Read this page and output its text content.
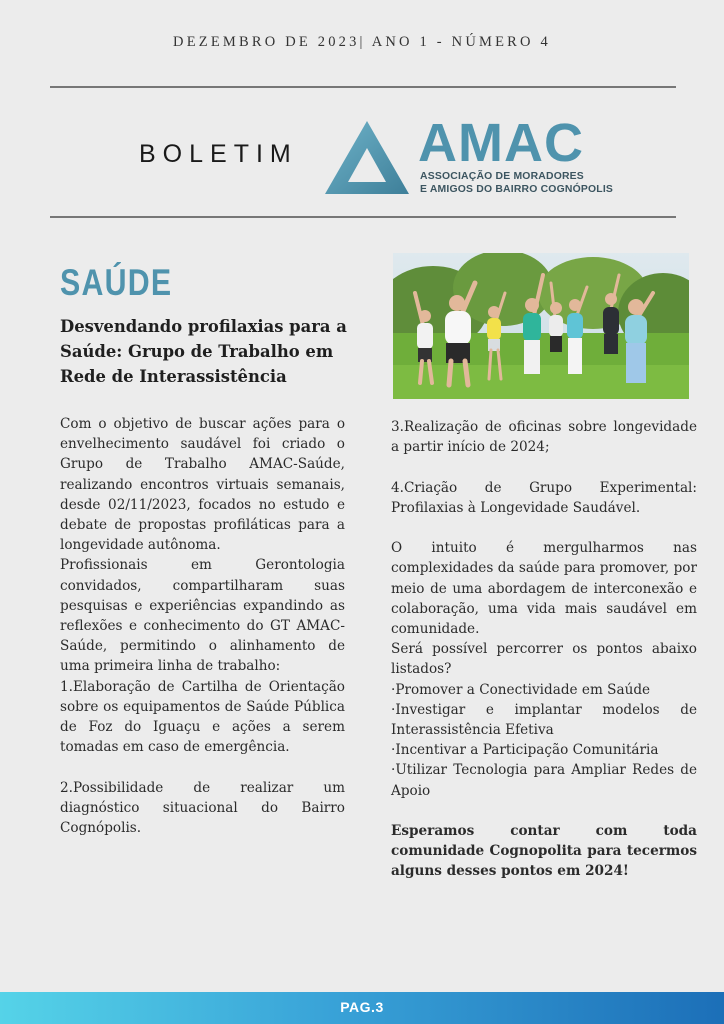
DEZEMBRO DE 2023| ANO 1 - NÚMERO 4
BOLETIM AMAC
ASSOCIAÇÃO DE MORADORES
E AMIGOS DO BAIRRO COGNÓPOLIS
SAÚDE
Desvendando profilaxias para a Saúde: Grupo de Trabalho em Rede de Interassistência

Com o objetivo de buscar ações para o envelhecimento saudável foi criado o Grupo de Trabalho AMAC-Saúde, realizando encontros virtuais semanais, desde 02/11/2023, focados no estudo e debate de propostas profiláticas para a longevidade autônoma.

Profissionais em Gerontologia convidados, compartilharam suas pesquisas e experiências expandindo as reflexões e conhecimento do GT AMAC-Saúde, permitindo o alinhamento de uma primeira linha de trabalho:

1.Elaboração de Cartilha de Orientação sobre os equipamentos de Saúde Pública de Foz do Iguaçu e ações a serem tomadas em caso de emergência.

2.Possibilidade de realizar um diagnóstico situacional do Bairro Cognópolis.

3.Realização de oficinas sobre longevidade a partir início de 2024;

4.Criação de Grupo Experimental: Profilaxias à Longevidade Saudável.

O intuito é mergulharmos nas complexidades da saúde para promover, por meio de uma abordagem de interconexão e colaboração, uma vida mais saudável em comunidade.

Será possível percorrer os pontos abaixo listados?

·Promover a Conectividade em Saúde

·Investigar e implantar modelos de Interassistência Efetiva

·Incentivar a Participação Comunitária

·Utilizar Tecnologia para Ampliar Redes de Apoio

Esperamos contar com toda comunidade Cognopolita para tecermos alguns desses pontos em 2024!

PAG.3
